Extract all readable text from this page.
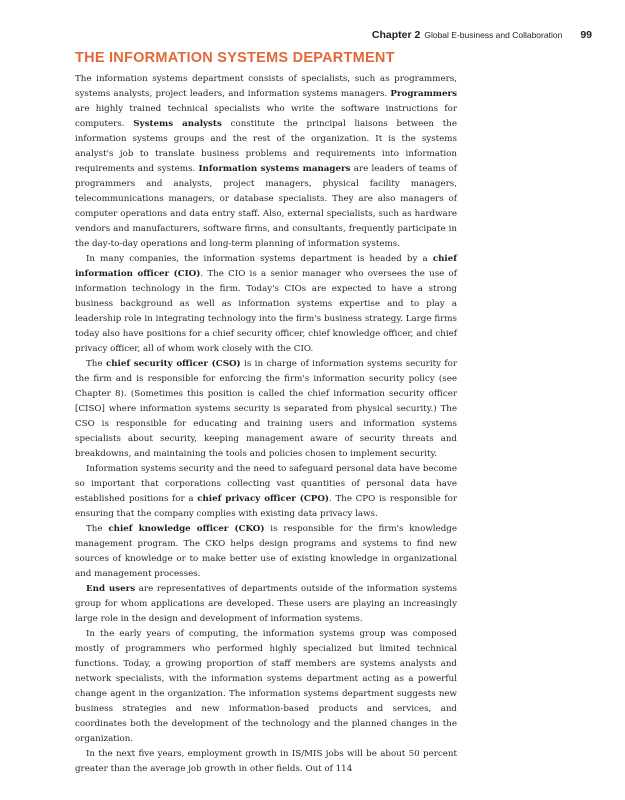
Chapter 2 Global E-business and Collaboration 99
THE INFORMATION SYSTEMS DEPARTMENT

The information systems department consists of specialists, such as programmers, systems analysts, project leaders, and information systems managers. Programmers are highly trained technical specialists who write the software instructions for computers. Systems analysts constitute the principal liaisons between the information systems groups and the rest of the organization. It is the systems analyst's job to translate business problems and requirements into information requirements and systems. Information systems managers are leaders of teams of programmers and analysts, project managers, physical facility managers, telecommunications managers, or database specialists. They are also managers of computer operations and data entry staff. Also, external specialists, such as hardware vendors and manufacturers, software firms, and consultants, frequently participate in the day-to-day operations and long-term planning of information systems.

In many companies, the information systems department is headed by a chief information officer (CIO). The CIO is a senior manager who oversees the use of information technology in the firm. Today's CIOs are expected to have a strong business background as well as information systems expertise and to play a leadership role in integrating technology into the firm's business strategy. Large firms today also have positions for a chief security officer, chief knowledge officer, and chief privacy officer, all of whom work closely with the CIO.

The chief security officer (CSO) is in charge of information systems security for the firm and is responsible for enforcing the firm's information security policy (see Chapter 8). (Sometimes this position is called the chief information security officer [CISO] where information systems security is separated from physical security.) The CSO is responsible for educating and training users and information systems specialists about security, keeping management aware of security threats and breakdowns, and maintaining the tools and policies chosen to implement security.

Information systems security and the need to safeguard personal data have become so important that corporations collecting vast quantities of personal data have established positions for a chief privacy officer (CPO). The CPO is responsible for ensuring that the company complies with existing data privacy laws.

The chief knowledge officer (CKO) is responsible for the firm's knowledge management program. The CKO helps design programs and systems to find new sources of knowledge or to make better use of existing knowledge in organizational and management processes.

End users are representatives of departments outside of the information systems group for whom applications are developed. These users are playing an increasingly large role in the design and development of information systems.

In the early years of computing, the information systems group was composed mostly of programmers who performed highly specialized but limited technical functions. Today, a growing proportion of staff members are systems analysts and network specialists, with the information systems department acting as a powerful change agent in the organization. The information systems department suggests new business strategies and new information-based products and services, and coordinates both the development of the technology and the planned changes in the organization.

In the next five years, employment growth in IS/MIS jobs will be about 50 percent greater than the average job growth in other fields. Out of 114
